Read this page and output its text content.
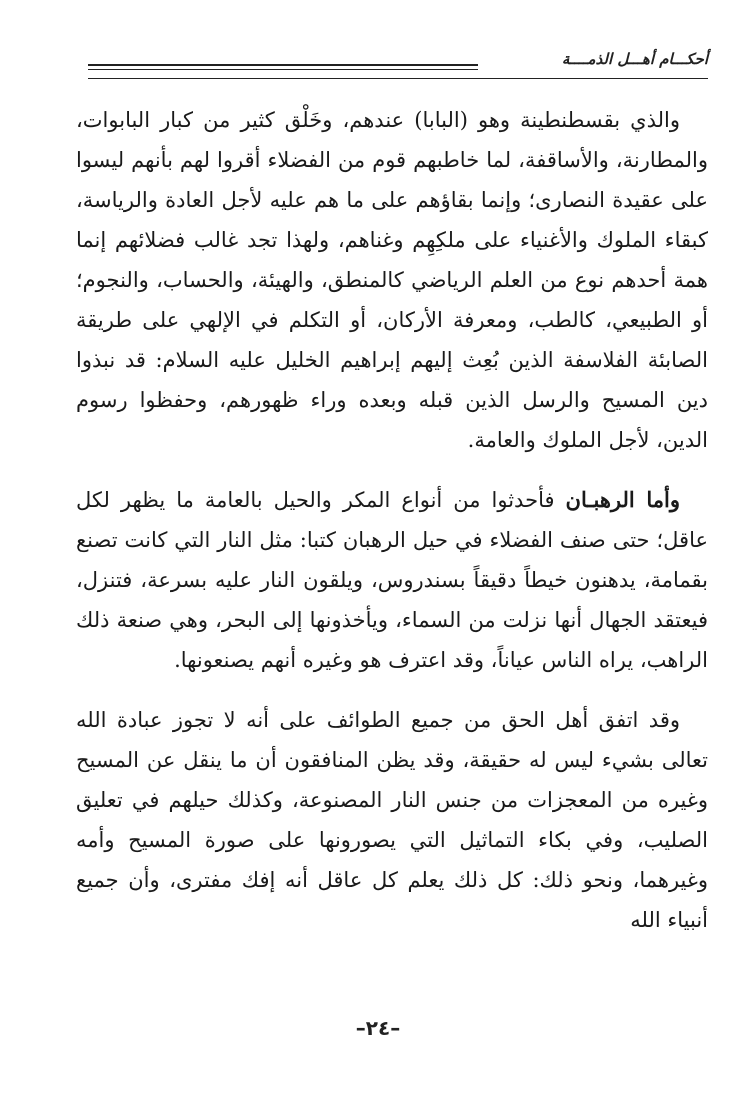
أحكـــام أهـــل الذمــــة

والذي بقسطنطينة وهو (البابا) عندهم، وخَلْق كثير من كبار البابوات، والمطارنة، والأساقفة، لما خاطبهم قوم من الفضلاء أقروا لهم بأنهم ليسوا على عقيدة النصارى؛ وإنما بقاؤهم على ما هم عليه لأجل العادة والرياسة، كبقاء الملوك والأغنياء على ملكِهِم وغناهم، ولهذا تجد غالب فضلائهم إنما همة أحدهم نوع من العلم الرياضي كالمنطق، والهيئة، والحساب، والنجوم؛ أو الطبيعي، كالطب، ومعرفة الأركان، أو التكلم في الإلهي على طريقة الصابئة الفلاسفة الذين بُعِث إليهم إبراهيم الخليل عليه السلام: قد نبذوا دين المسيح والرسل الذين قبله وبعده وراء ظهورهم، وحفظوا رسوم الدين، لأجل الملوك والعامة.

وأما الرهبـان فأحدثوا من أنواع المكر والحيل بالعامة ما يظهر لكل عاقل؛ حتى صنف الفضلاء في حيل الرهبان كتبا: مثل النار التي كانت تصنع بقمامة، يدهنون خيطاً دقيقاً بسندروس، ويلقون النار عليه بسرعة، فتنزل، فيعتقد الجهال أنها نزلت من السماء، ويأخذونها إلى البحر، وهي صنعة ذلك الراهب، يراه الناس عياناً، وقد اعترف هو وغيره أنهم يصنعونها.

وقد اتفق أهل الحق من جميع الطوائف على أنه لا تجوز عبادة الله تعالى بشيء ليس له حقيقة، وقد يظن المنافقون أن ما ينقل عن المسيح وغيره من المعجزات من جنس النار المصنوعة، وكذلك حيلهم في تعليق الصليب، وفي بكاء التماثيل التي يصورونها على صورة المسيح وأمه وغيرهما، ونحو ذلك: كل ذلك يعلم كل عاقل أنه إفك مفترى، وأن جميع أنبياء الله

–٢٤–
